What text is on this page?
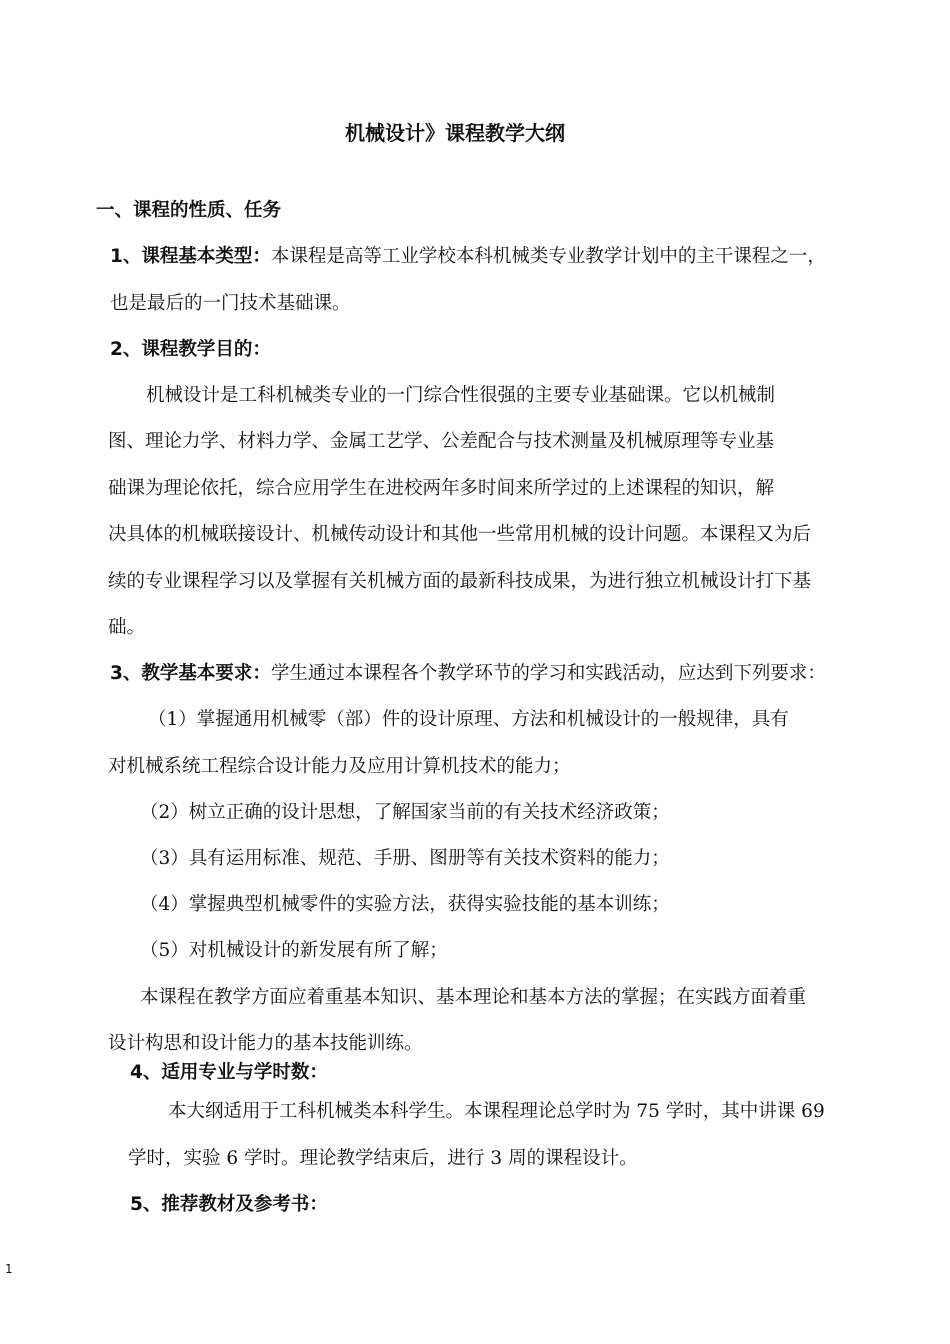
机械设计》课程教学大纲
一、课程的性质、任务
1、课程基本类型：本课程是高等工业学校本科机械类专业教学计划中的主干课程之一，
也是最后的一门技术基础课。
2、课程教学目的：
机械设计是工科机械类专业的一门综合性很强的主要专业基础课。它以机械制
图、理论力学、材料力学、金属工艺学、公差配合与技术测量及机械原理等专业基
础课为理论依托，综合应用学生在进校两年多时间来所学过的上述课程的知识，解
决具体的机械联接设计、机械传动设计和其他一些常用机械的设计问题。本课程又为后
续的专业课程学习以及掌握有关机械方面的最新科技成果，为进行独立机械设计打下基
础。
3、教学基本要求：学生通过本课程各个教学环节的学习和实践活动，应达到下列要求：
（1）掌握通用机械零（部）件的设计原理、方法和机械设计的一般规律，具有
对机械系统工程综合设计能力及应用计算机技术的能力；
（2）树立正确的设计思想，了解国家当前的有关技术经济政策；
（3）具有运用标准、规范、手册、图册等有关技术资料的能力；
（4）掌握典型机械零件的实验方法，获得实验技能的基本训练；
（5）对机械设计的新发展有所了解；
本课程在教学方面应着重基本知识、基本理论和基本方法的掌握；在实践方面着重
设计构思和设计能力的基本技能训练。
4、适用专业与学时数：
本大纲适用于工科机械类本科学生。本课程理论总学时为 75 学时，其中讲课 69
学时，实验 6 学时。理论教学结束后，进行 3 周的课程设计。
5、推荐教材及参考书：
1
